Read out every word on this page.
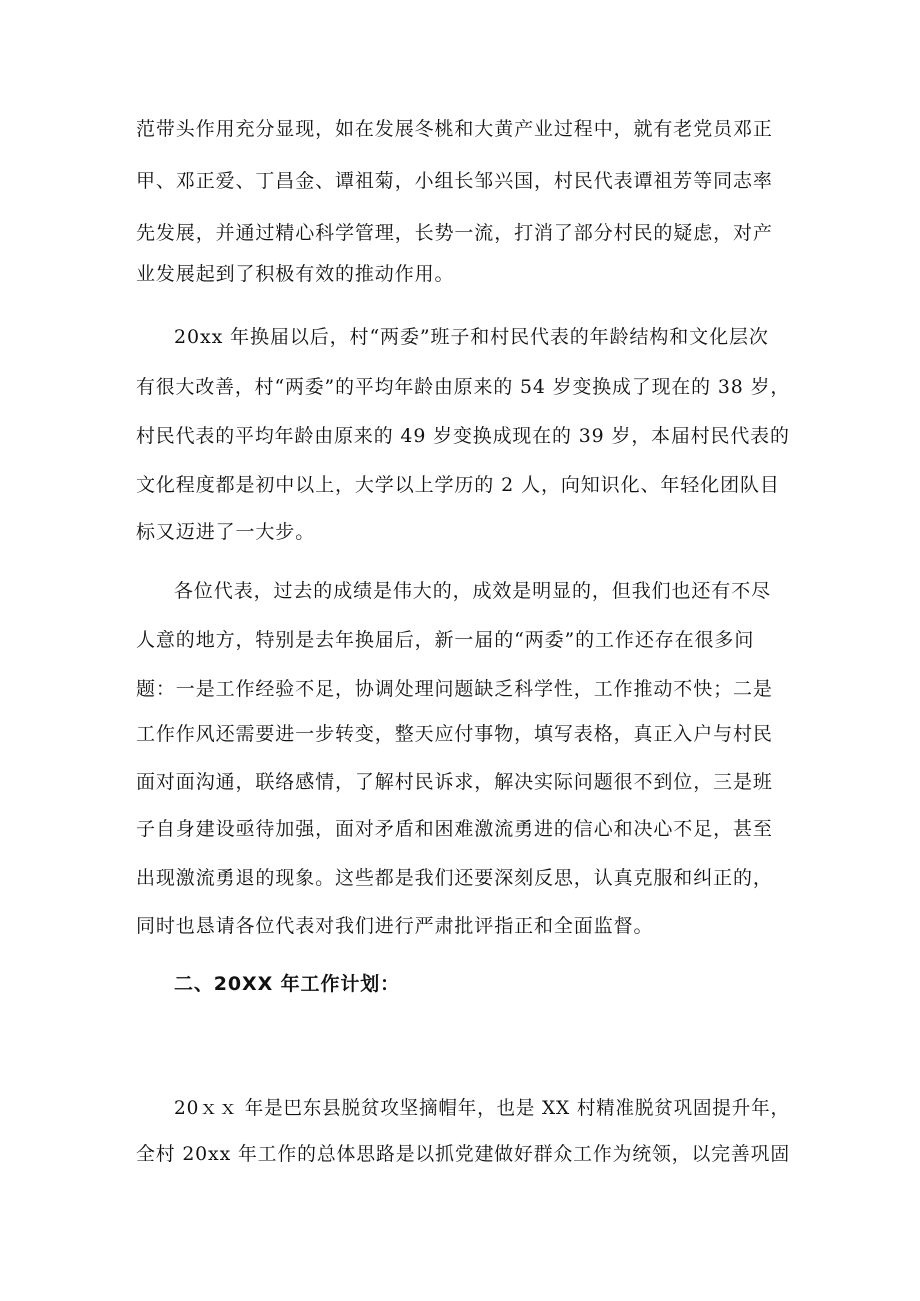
范带头作用充分显现，如在发展冬桃和大黄产业过程中，就有老党员邓正
甲、邓正爱、丁昌金、谭祖菊，小组长邹兴国，村民代表谭祖芳等同志率
先发展，并通过精心科学管理，长势一流，打消了部分村民的疑虑，对产
业发展起到了积极有效的推动作用。
20xx 年换届以后，村“两委”班子和村民代表的年龄结构和文化层次
有很大改善，村“两委”的平均年龄由原来的 54 岁变换成了现在的 38 岁，
村民代表的平均年龄由原来的 49 岁变换成现在的 39 岁，本届村民代表的
文化程度都是初中以上，大学以上学历的 2 人，向知识化、年轻化团队目
标又迈进了一大步。
各位代表，过去的成绩是伟大的，成效是明显的，但我们也还有不尽
人意的地方，特别是去年换届后，新一届的“两委”的工作还存在很多问
题：一是工作经验不足，协调处理问题缺乏科学性，工作推动不快；二是
工作作风还需要进一步转变，整天应付事物，填写表格，真正入户与村民
面对面沟通，联络感情，了解村民诉求，解决实际问题很不到位，三是班
子自身建设亟待加强，面对矛盾和困难激流勇进的信心和决心不足，甚至
出现激流勇退的现象。这些都是我们还要深刻反思，认真克服和纠正的，
同时也恳请各位代表对我们进行严肃批评指正和全面监督。
二、20XX 年工作计划：
20ｘｘ 年是巴东县脱贫攻坚摘帽年，也是 XX 村精准脱贫巩固提升年，
全村 20xx 年工作的总体思路是以抓党建做好群众工作为统领，以完善巩固
